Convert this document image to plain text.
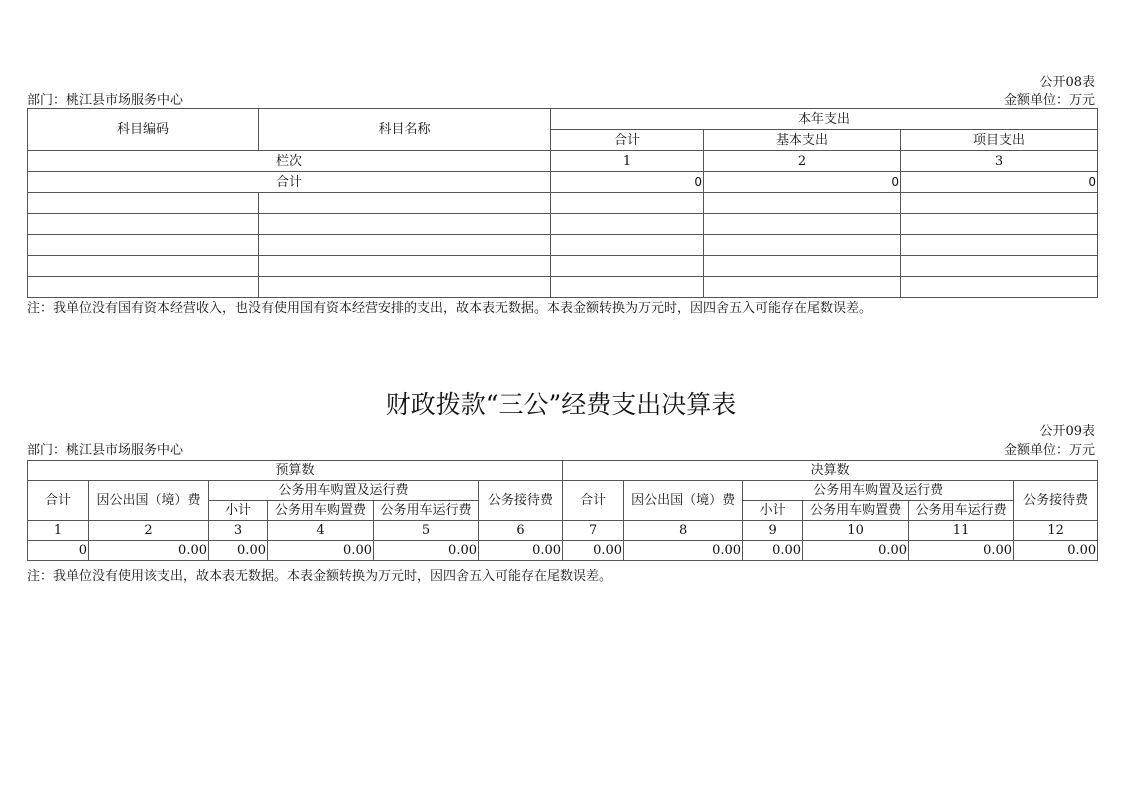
公开08表
部门：桃江县市场服务中心	金额单位：万元
科目编码	科目名称	本年支出		
		合计	基本支出	项目支出
栏次		1	2	3
合计		0	0	0

注：我单位没有国有资本经营收入，也没有使用国有资本经营安排的支出，故本表无数据。本表金额转换为万元时，因四舍五入可能存在尾数误差。
财政拨款“三公”经费支出决算表
公开09表
部门：桃江县市场服务中心	金额单位：万元
预算数						决算数					
合计	因公出国（境）费	公务用车购置及运行费			公务接待费	合计	因公出国（境）费	公务用车购置及运行费			公务接待费
		小计	公务用车购置费	公务用车运行费				小计	公务用车购置费	公务用车运行费	
1	2	3	4	5	6	7	8	9	10	11	12
0	0.00	0.00	0.00	0.00	0.00	0.00	0.00	0.00	0.00	0.00	0.00
注：我单位没有使用该支出，故本表无数据。本表金额转换为万元时，因四舍五入可能存在尾数误差。
